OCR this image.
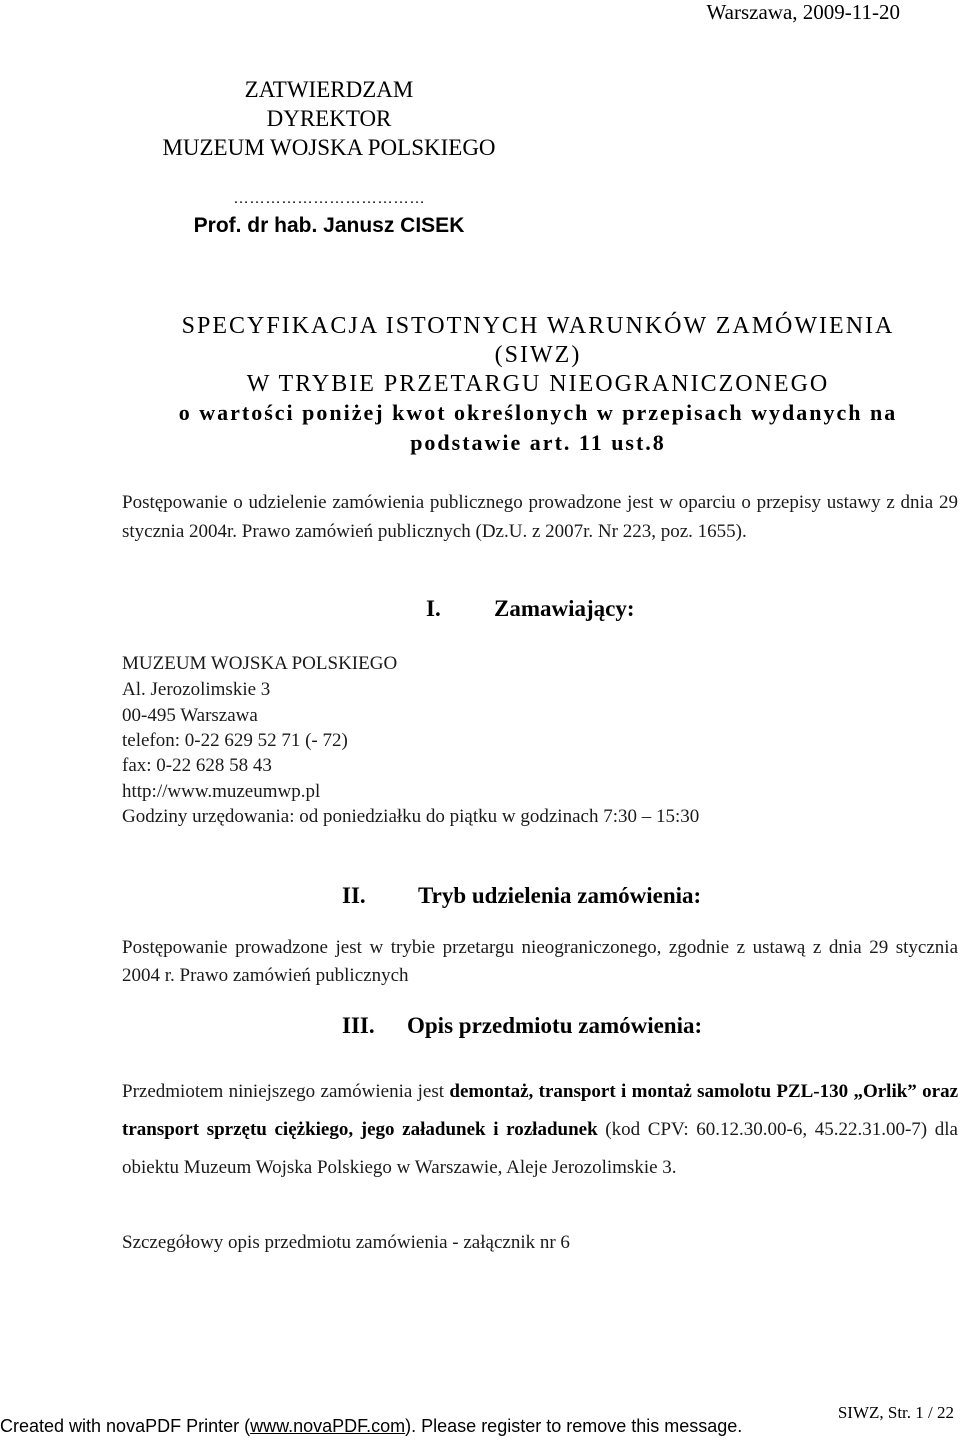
Warszawa, 2009-11-20
ZATWIERDZAM
DYREKTOR
MUZEUM WOJSKA POLSKIEGO
………………………………
Prof. dr hab. Janusz CISEK
SPECYFIKACJA ISTOTNYCH WARUNKÓW ZAMÓWIENIA
(SIWZ)
W TRYBIE PRZETARGU NIEOGRANICZONEGO
o wartości poniżej kwot określonych w przepisach wydanych na
podstawie art. 11 ust.8
Postępowanie o udzielenie zamówienia publicznego prowadzone jest w oparciu o przepisy ustawy z dnia 29 stycznia 2004r. Prawo zamówień publicznych (Dz.U. z 2007r. Nr 223, poz. 1655).
I. Zamawiający:
MUZEUM WOJSKA POLSKIEGO
Al. Jerozolimskie 3
00-495 Warszawa
telefon: 0-22 629 52 71 (- 72)
fax: 0-22 628 58 43
http://www.muzeumwp.pl
Godziny urzędowania: od poniedziałku do piątku w godzinach 7:30 – 15:30
II. Tryb udzielenia zamówienia:
Postępowanie prowadzone jest w trybie przetargu nieograniczonego, zgodnie z ustawą z dnia 29 stycznia 2004 r. Prawo zamówień publicznych
III. Opis przedmiotu zamówienia:
Przedmiotem niniejszego zamówienia jest demontaż, transport i montaż samolotu PZL-130 „Orlik” oraz transport sprzętu ciężkiego, jego załadunek i rozładunek (kod CPV: 60.12.30.00-6, 45.22.31.00-7) dla obiektu Muzeum Wojska Polskiego w Warszawie, Aleje Jerozolimskie 3.
Szczegółowy opis przedmiotu zamówienia - załącznik nr 6
SIWZ, Str. 1 / 22
Created with novaPDF Printer (www.novaPDF.com). Please register to remove this message.
